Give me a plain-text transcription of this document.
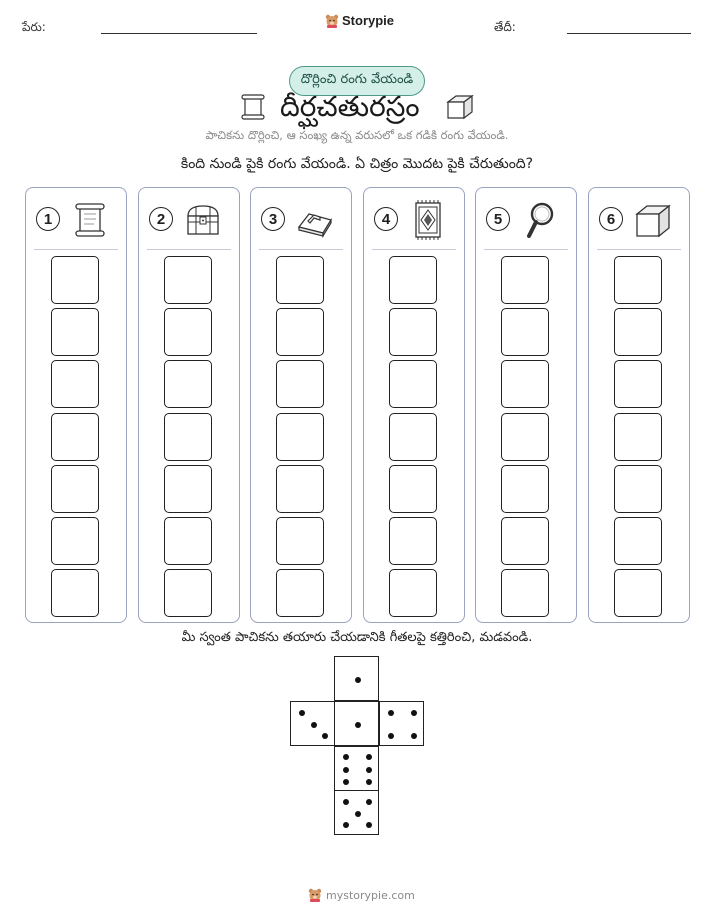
పేరు:	Storypie	తేదీ:
దొర్లించి రంగు వేయండి
దీర్ఘచతురస్రం
పాచికను దొర్లించి, ఆ సంఖ్య ఉన్న వరుసలో ఒక గడికి రంగు వేయండి.
కింది నుండి పైకి రంగు వేయండి. ఏ చిత్రం మొదట పైకి చేరుతుంది?
1	2	3	4	5	6
మీ స్వంత పాచికను తయారు చేయడానికి గీతలపై కత్తిరించి, మడవండి.
mystorypie.com
